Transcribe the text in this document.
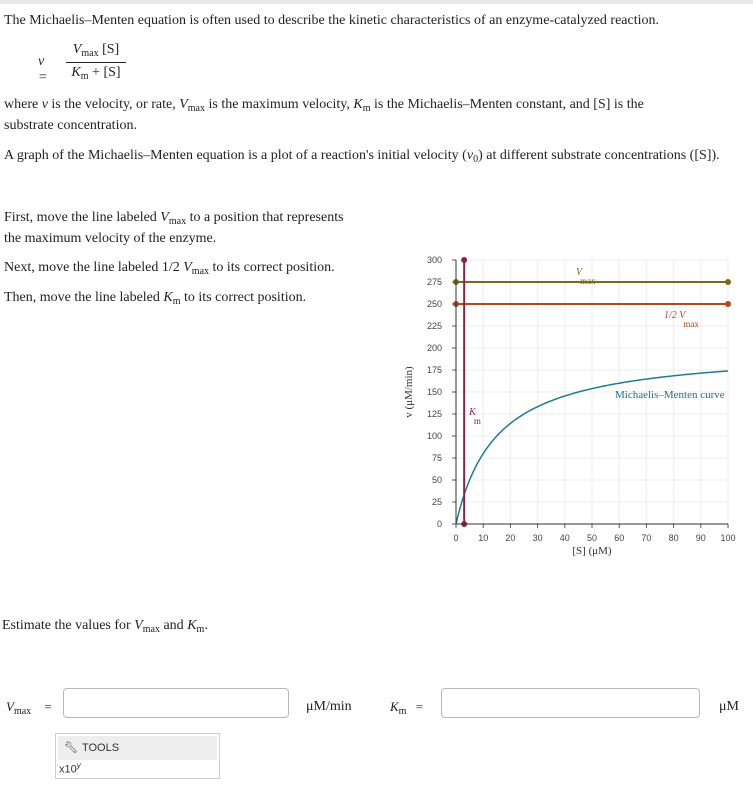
The Michaelis–Menten equation is often used to describe the kinetic characteristics of an enzyme-catalyzed reaction.
v =
$V_{max}$ [S]
$K_m + [S]$
where v is the velocity, or rate, $V_{max}$ is the maximum velocity, $K_m$ is the Michaelis–Menten constant, and [S] is the
substrate concentration.
A graph of the Michaelis–Menten equation is a plot of a reaction's initial velocity $(v_0)$ at different substrate concentrations ([S]).
First, move the line labeled $V_{max}$ to a position that represents
the maximum velocity of the enzyme.
Next, move the line labeled 1/2 $V_{max}$ to its correct position.
Then, move the line labeled $K_m$ to its correct position.
V max
1/2 V max
K m
0
25
50
75
100
125
150
175
200
225
250
275
300
0 10 20 30 40 50 60 70 80 90 100
[S] (μM)
v (μM/min)	Michaelis–Menten curve
Estimate the values for $V_{max}$ and $K_m$.
$V_{max}$ =	μM/min	$K_m$ =	μM
🔧︎ TOOLS
x10$^y$
